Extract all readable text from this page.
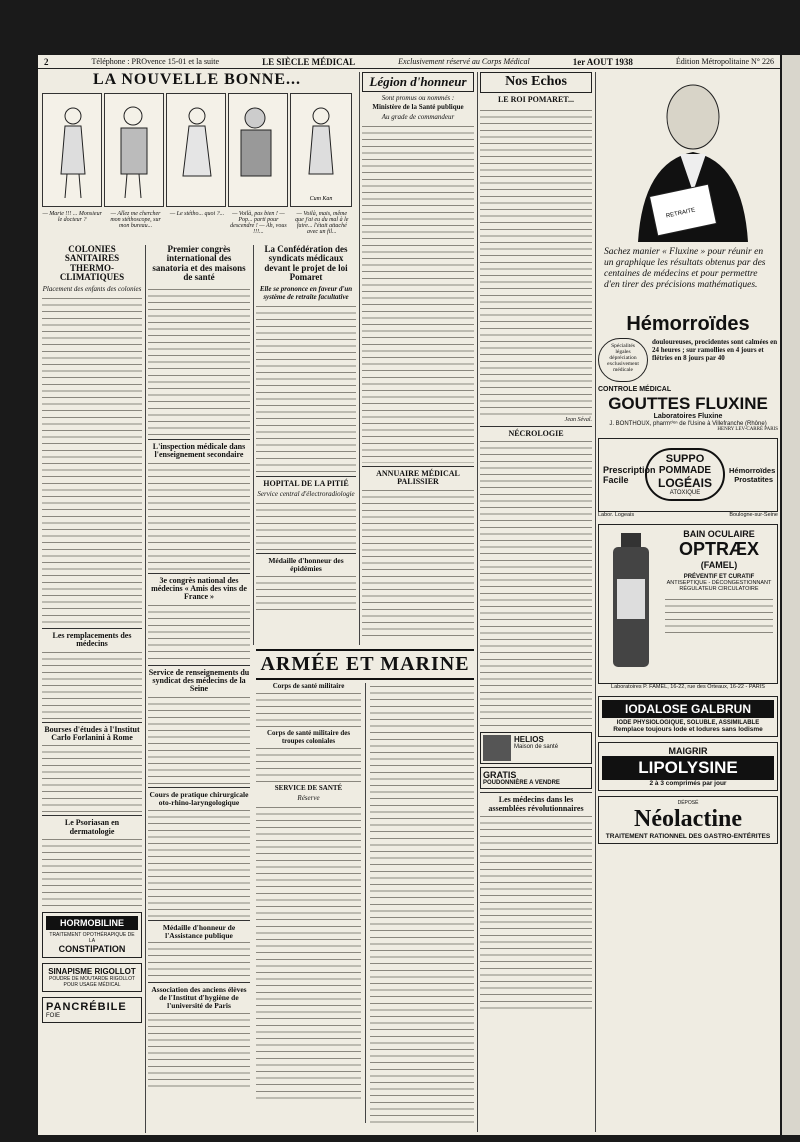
2	Téléphone : PROvence 15-01 et la suite	LE SIÈCLE MÉDICAL	Exclusivement réservé au Corps Médical	1er AOUT 1938	Édition Métropolitaine N° 226
LA NOUVELLE BONNE...
Cum Kan
— Marie !!! ... Monsieur le docteur ?
— Allez me chercher mon stéthoscope, sur mon bureau...
— Le stétho... quoi ?...	— Voilà, pas bien ! — Pop... parti pour descendre ! — Ah, vous !!!...
— Voilà, mais, même que j'ai eu du mal à le faire... l'était attaché avec un fil...
COLONIES SANITAIRES THERMO-CLIMATIQUES
Placement des enfants des colonies
Les remplacements des médecins
Bourses d'études à l'Institut Carlo Forlanini à Rome
Le Psoriasan en dermatologie
HORMOBILINE
TRAITEMENT OPOTHÉRAPIQUE DE LA
CONSTIPATION
SINAPISME RIGOLLOT
POUDRE DE MOUTARDE RIGOLLOT POUR USAGE MÉDICAL
PANCRÉBILE
FOIE
Premier congrès international des sanatoria et des maisons de santé
L'inspection médicale dans l'enseignement secondaire
3e congrès national des médecins « Amis des vins de France »
Service de renseignements du syndicat des médecins de la Seine
Cours de pratique chirurgicale oto-rhino-laryngologique
Médaille d'honneur de l'Assistance publique
Association des anciens élèves de l'Institut d'hygiène de l'université de Paris
La Confédération des syndicats médicaux devant le projet de loi Pomaret
Elle se prononce en faveur d'un système de retraite facultative
HOPITAL DE LA PITIÉ
Service central d'électroradiologie
Médaille d'honneur des épidémies
Légion d'honneur
Sont promus ou nommés :
Ministère de la Santé publique
Au grade de commandeur
ANNUAIRE MÉDICAL PALISSIER
ARMÉE ET MARINE
Corps de santé militaire
Corps de santé militaire des troupes coloniales
SERVICE DE SANTÉ
Réserve
Nos Echos
LE ROI POMARET...
Jean Séval.
NÉCROLOGIE
HELIOS
Maison de santé
GRATIS
POUDONNIÈRE A VENDRE
Les médecins dans les assemblées révolutionnaires
RETRAITE
Sachez manier « Fluxine » pour réunir en un graphique les résultats obtenus par des centaines de médecins et pour permettre d'en tirer des précisions mathématiques.
Hémorroïdes
Spécialités légales dépréciation exclusivement médicale
douloureuses, procidentes sont calmées en 24 heures ; sur ramollies en 4 jours et flétries en 8 jours par 40
CONTROLE MÉDICAL
GOUTTES FLUXINE
Laboratoires Fluxine
J. BONTHOUX, pharmᶜⁱᵉⁿ de l'Usine à Villefranche (Rhône)
HENRY LEV-CARRÉ PARIS
Prescription
Facile
SUPPO
POMMADE
LOGÉAIS
ATOXIQUE
Hémorroïdes
Prostatites
Labor. Logeais	Boulogne-sur-Seine
BAIN OCULAIRE
OPTRÆX
(FAMEL)
PRÉVENTIF ET CURATIF
ANTISEPTIQUE - DÉCONGESTIONNANT
RÉGULATEUR CIRCULATOIRE
Laboratoires P. FAMEL, 16-22, rue des Orteaux, 16-22 - PARIS
IODALOSE GALBRUN
IODE PHYSIOLOGIQUE, SOLUBLE, ASSIMILABLE
Remplace toujours Iode et Iodures sans Iodisme
MAIGRIR
LIPOLYSINE
2 à 3 comprimés par jour
DÉPOSÉ
Néolactine
TRAITEMENT RATIONNEL DES GASTRO-ENTÉRITES
